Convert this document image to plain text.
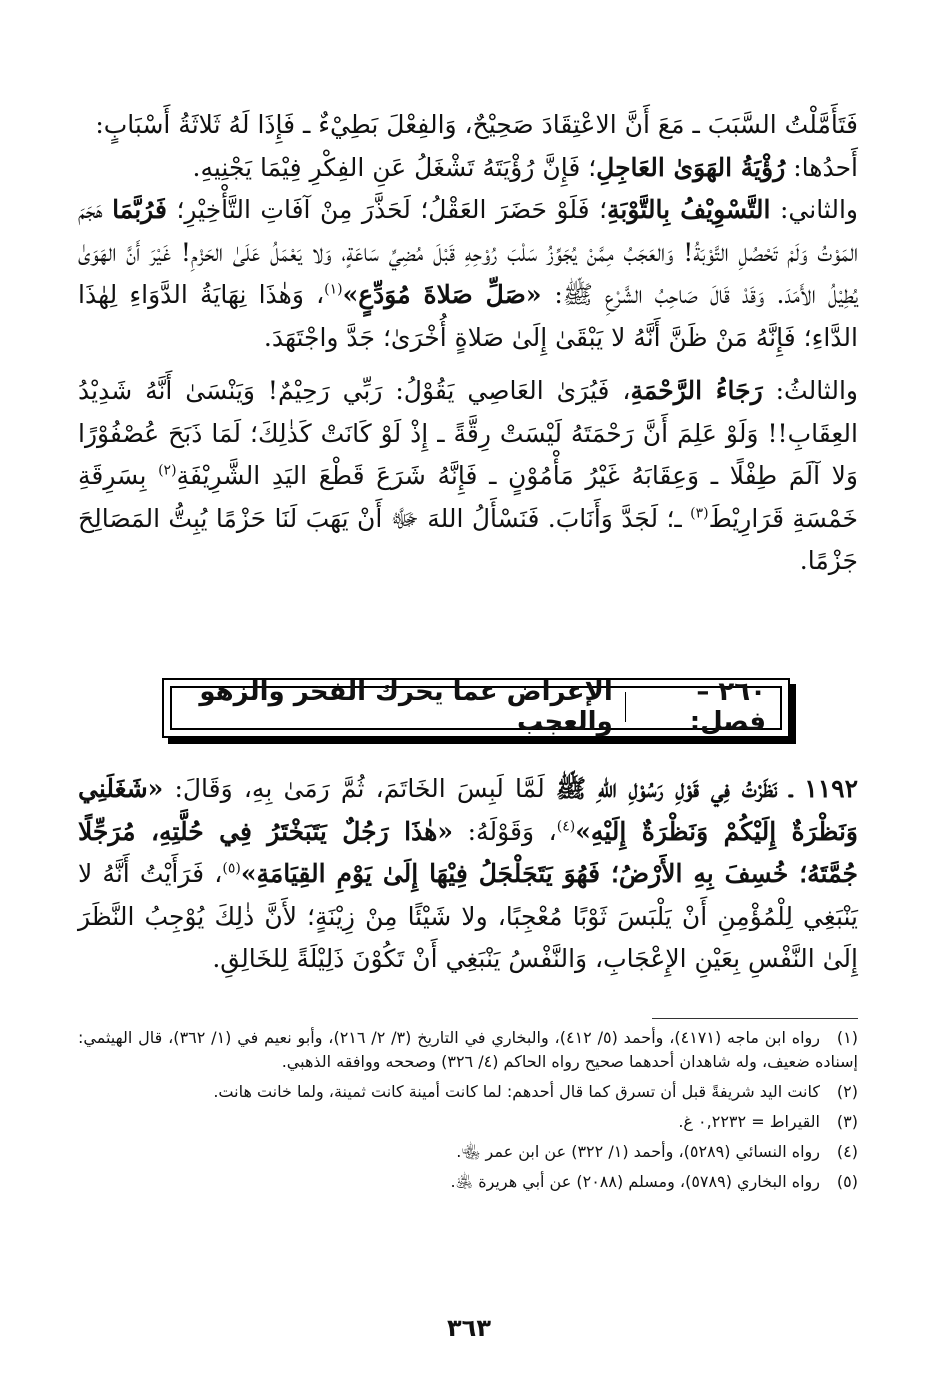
فَتَأَمَّلْتُ السَّبَبَ ـ مَعَ أَنَّ الاعْتِقَادَ صَحِيْحٌ، وَالفِعْلَ بَطِيْءٌ ـ فَإِذَا لَهُ ثَلاثَةُ أَسْبَابٍ:
أَحدُها: رُؤْيَةُ الهَوَىٰ العَاجِلِ؛ فَإِنَّ رُؤْيَتَهُ تَشْغَلُ عَنِ الفِكْرِ فِيْمَا يَجْنِيهِ.
والثاني: التَّسْوِيْفُ بِالتَّوْبَةِ؛ فَلَوْ حَضَرَ العَقْلُ؛ لَحَذَّرَ مِنْ آفَاتِ التَّأْخِيْرِ؛ فَرُبَّمَا هَجَمَ المَوْتُ وَلَمْ تَحْصُلِ التَّوْبَةُ! وَالعَجَبُ مِمَّنْ يُجَوِّزُ سَلْبَ رُوْحِهِ قَبْلَ مُضِيِّ سَاعَةٍ، وَلا يَعْمَلُ عَلَىٰ الحَزْمِ! غَيْرَ أَنَّ الهَوَىٰ يُطِيْلُ الأَمَدَ. وَقَدْ قَالَ صَاحِبُ الشَّرْعِ ﷺ: «صَلِّ صَلاةَ مُوَدِّعٍ»$^{(١)}$، وَهٰذَا نِهَايَةُ الدَّوَاءِ لِهٰذَا الدَّاءِ؛ فَإِنَّهُ مَنْ ظَنَّ أَنَّهُ لا يَبْقَىٰ إِلَىٰ صَلاةٍ أُخْرَىٰ؛ جَدَّ واجْتَهَدَ.
والثالثُ: رَجَاءُ الرَّحْمَةِ، فَيُرَىٰ العَاصِي يَقُوْلُ: رَبِّي رَحِيْمٌ! وَيَنْسَىٰ أَنَّهُ شَدِيْدُ العِقَابِ!! وَلَوْ عَلِمَ أَنَّ رَحْمَتَهُ لَيْسَتْ رِقَّةً ـ إِذْ لَوْ كَانَتْ كَذٰلِكَ؛ لَمَا ذَبَحَ عُصْفُوْرًا وَلا آلَمَ طِفْلًا ـ وَعِقَابَهُ غَيْرُ مَأْمُوْنٍ ـ فَإِنَّهُ شَرَعَ قَطْعَ اليَدِ الشَّرِيْفَةِ$^{(٢)}$ بِسَرِقَةِ خَمْسَةِ قَرَارِيْطَ$^{(٣)}$ ـ؛ لَجَدَّ وَأَنَابَ. فَنَسْأَلُ اللهَ ﷻ أَنْ يَهَبَ لَنَا حَزْمًا يُبِتُّ المَصَالِحَ جَزْمًا.
٢٦٠ – فصل:
الإعراض عما يحرك الفخر والزهو والعجب
١١٩٢ ـ نَظَرْتُ فِي قَوْلِ رَسُوْلِ اللهِ ﷺ لَمَّا لَبِسَ الخَاتَمَ، ثُمَّ رَمَىٰ بِهِ، وَقَالَ: «شَغَلَنِي وَنَظْرَةٌ إِلَيْكُمْ وَنَظْرَةٌ إِلَيْهِ»$^{(٤)}$، وَقَوْلَهُ: «هٰذَا رَجُلٌ يَتَبَخْتَرُ فِي حُلَّتِهِ، مُرَجِّلًا جُمَّتَهُ؛ خُسِفَ بِهِ الأَرْضُ؛ فَهُوَ يَتَجَلْجَلُ فِيْهَا إِلَىٰ يَوْمِ القِيَامَةِ»$^{(٥)}$، فَرَأَيْتُ أَنَّهُ لا يَنْبَغِي لِلْمُؤْمِنِ أَنْ يَلْبَسَ ثَوْبًا مُعْجِبًا، ولا شَيْئًا مِنْ زِيْنَةٍ؛ لأَنَّ ذٰلِكَ يُوْجِبُ النَّظَرَ إِلَىٰ النَّفْسِ بِعَيْنِ الإِعْجَابِ، وَالنَّفْسُ يَنْبَغِي أَنْ تَكُوْنَ ذَلِيْلَةً لِلخَالِقِ.

(١)رواه ابن ماجه (٤١٧١)، وأحمد (٥/ ٤١٢)، والبخاري في التاريخ (٣/ ٢/ ٢١٦)، وأبو نعيم في (١/ ٣٦٢)، قال الهيثمي: إسناده ضعيف، وله شاهدان أحدهما صحيح رواه الحاكم (٤/ ٣٢٦) وصححه ووافقه الذهبي.

(٢)كانت اليد شريفةً قبل أن تسرق كما قال أحدهم: لما كانت أمينة كانت ثمينة، ولما خانت هانت.

(٣)القيراط = ٠,٢٢٣٢ غ.

(٤)رواه النسائي (٥٢٨٩)، وأحمد (١/ ٣٢٢) عن ابن عمر ﵄.

(٥)رواه البخاري (٥٧٨٩)، ومسلم (٢٠٨٨) عن أبي هريرة ﵁.

٣٦٣
